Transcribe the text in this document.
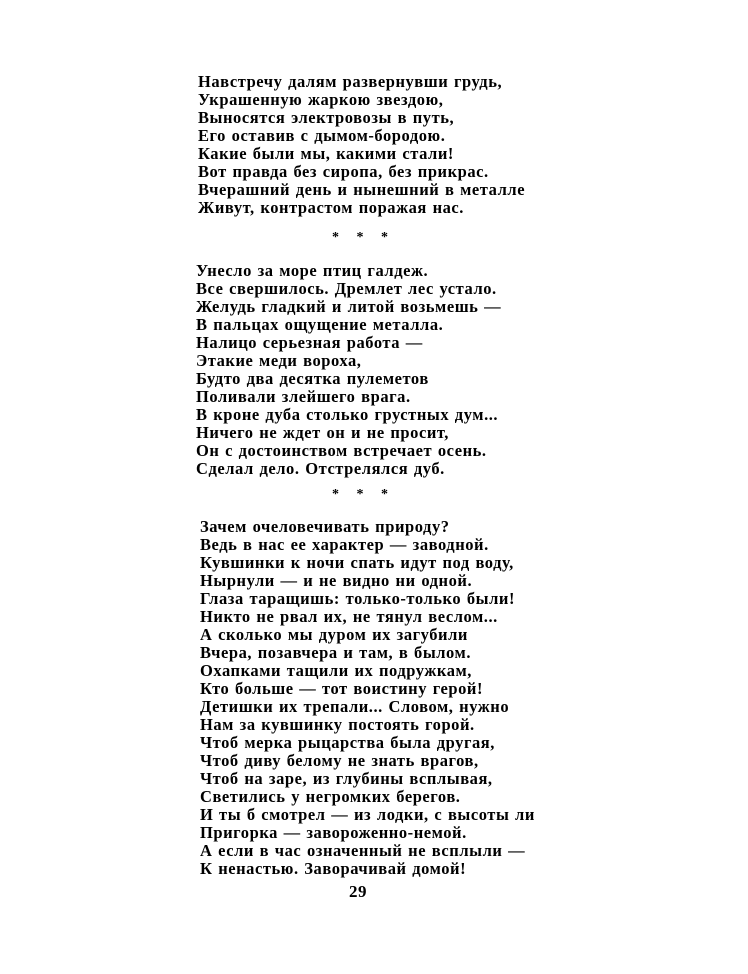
Навстречу далям развернувши грудь,
Украшенную жаркою звездою,
Выносятся электровозы в путь,
Его оставив с дымом-бородою.
Какие были мы, какими стали!
Вот правда без сиропа, без прикрас.
Вчерашний день и нынешний в металле
Живут, контрастом поражая нас.
* * *
Унесло за море птиц галдеж.
Все свершилось. Дремлет лес устало.
Желудь гладкий и литой возьмешь —
В пальцах ощущение металла.
Налицо серьезная работа —
Этакие меди вороха,
Будто два десятка пулеметов
Поливали злейшего врага.
В кроне дуба столько грустных дум...
Ничего не ждет он и не просит,
Он с достоинством встречает осень.
Сделал дело. Отстрелялся дуб.
* * *
Зачем очеловечивать природу?
Ведь в нас ее характер — заводной.
Кувшинки к ночи спать идут под воду,
Нырнули — и не видно ни одной.
Глаза таращишь: только-только были!
Никто не рвал их, не тянул веслом...
А сколько мы дуром их загубили
Вчера, позавчера и там, в былом.
Охапками тащили их подружкам,
Кто больше — тот воистину герой!
Детишки их трепали... Словом, нужно
Нам за кувшинку постоять горой.
Чтоб мерка рыцарства была другая,
Чтоб диву белому не знать врагов,
Чтоб на заре, из глубины всплывая,
Светились у негромких берегов.
И ты б смотрел — из лодки, с высоты ли
Пригорка — завороженно-немой.
А если в час означенный не всплыли —
К ненастью. Заворачивай домой!
29
